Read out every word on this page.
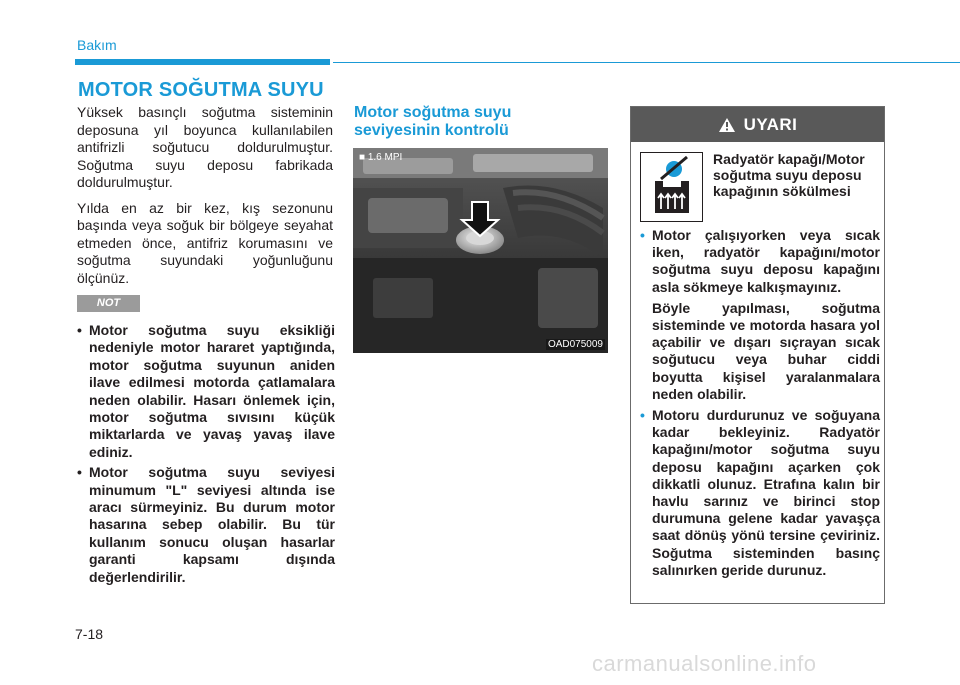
Bakım
MOTOR SOĞUTMA SUYU

Yüksek basınçlı soğutma sisteminin deposuna yıl boyunca kullanılabilen antifrizli soğutucu doldurulmuştur. Soğutma suyu deposu fabrikada doldurulmuştur.

Yılda en az bir kez, kış sezonunu başında veya soğuk bir bölgeye seyahat etmeden önce, antifriz korumasını ve soğutma suyundaki yoğunluğunu ölçünüz.

NOT
• Motor soğutma suyu eksikliği nedeniyle motor hararet yaptığında, motor soğutma suyunun aniden ilave edilmesi motorda çatlamalara neden olabilir. Hasarı önlemek için, motor soğutma sıvısını küçük miktarlarda ve yavaş yavaş ilave ediniz.
• Motor soğutma suyu seviyesi minumum "L" seviyesi altında ise aracı sürmeyiniz. Bu durum motor hasarına sebep olabilir. Bu tür kullanım sonucu oluşan hasarlar garanti kapsamı dışında değerlendirilir.
Motor soğutma suyu seviyesinin kontrolü
■ 1.6 MPI
OAD075009
UYARI
Radyatör kapağı/Motor soğutma suyu deposu kapağının sökülmesi
• Motor çalışıyorken veya sıcak iken, radyatör kapağını/motor soğutma suyu deposu kapağını asla sökmeye kalkışmayınız.
Böyle yapılması, soğutma sisteminde ve motorda hasara yol açabilir ve dışarı sıçrayan sıcak soğutucu veya buhar ciddi boyutta kişisel yaralanmalara neden olabilir.
• Motoru durdurunuz ve soğuyana kadar bekleyiniz. Radyatör kapağını/motor soğutma suyu deposu kapağını açarken çok dikkatli olunuz. Etrafına kalın bir havlu sarınız ve birinci stop durumuna gelene kadar yavaşça saat dönüş yönü tersine çeviriniz. Soğutma sisteminden basınç salınırken geride durunuz.
7-18
carmanualsonline.info
